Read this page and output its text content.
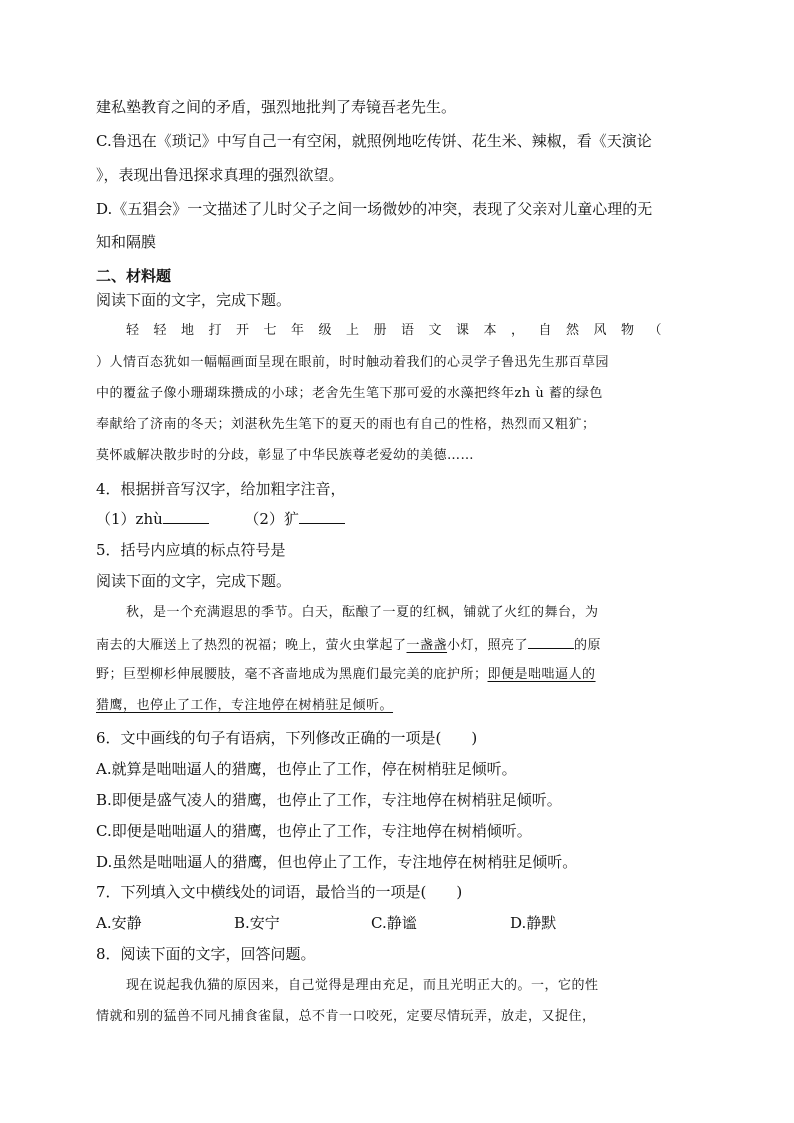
建私塾教育之间的矛盾，强烈地批判了寿镜吾老先生。
C.鲁迅在《琐记》中写自己一有空闲，就照例地吃传饼、花生米、辣椒，看《天演论
》，表现出鲁迅探求真理的强烈欲望。
D.《五猖会》一文描述了儿时父子之间一场微妙的冲突，表现了父亲对儿童心理的无
知和隔膜
二、材料题
阅读下面的文字，完成下题。
轻轻地打开七年级上册语文课本，自然风物（
）人情百态犹如一幅幅画面呈现在眼前，时时触动着我们的心灵学子鲁迅先生那百草园
中的覆盆子像小珊瑚珠攒成的小球；老舍先生笔下那可爱的水藻把终年zh ù 蓄的绿色
奉献给了济南的冬天；刘湛秋先生笔下的夏天的雨也有自己的性格，热烈而又粗犷；
莫怀戚解决散步时的分歧，彰显了中华民族尊老爱幼的美德……
4．根据拼音写汉字，给加粗字注音，
（1）zhù	（2）犷
5．括号内应填的标点符号是
阅读下面的文字，完成下题。
秋，是一个充满遐思的季节。白天，酝酿了一夏的红枫，铺就了火红的舞台，为
南去的大雁送上了热烈的祝福；晚上，萤火虫掌起了一盏盏小灯，照亮了	的原
野；巨型柳杉伸展腰肢，毫不吝啬地成为黑鹿们最完美的庇护所；即便是咄咄逼人的
猎鹰，也停止了工作，专注地停在树梢驻足倾听。
6．文中画线的句子有语病，下列修改正确的一项是(　　)
A.就算是咄咄逼人的猎鹰，也停止了工作，停在树梢驻足倾听。
B.即便是盛气凌人的猎鹰，也停止了工作，专注地停在树梢驻足倾听。
C.即便是咄咄逼人的猎鹰，也停止了工作，专注地停在树梢倾听。
D.虽然是咄咄逼人的猎鹰，但也停止了工作，专注地停在树梢驻足倾听。
7．下列填入文中横线处的词语，最恰当的一项是(　　)
A.安静	B.安宁	C.静谧	D.静默
8．阅读下面的文字，回答问题。
现在说起我仇猫的原因来，自己觉得是理由充足，而且光明正大的。一，它的性
情就和别的猛兽不同凡捕食雀鼠，总不肯一口咬死，定要尽情玩弄，放走，又捉住，
